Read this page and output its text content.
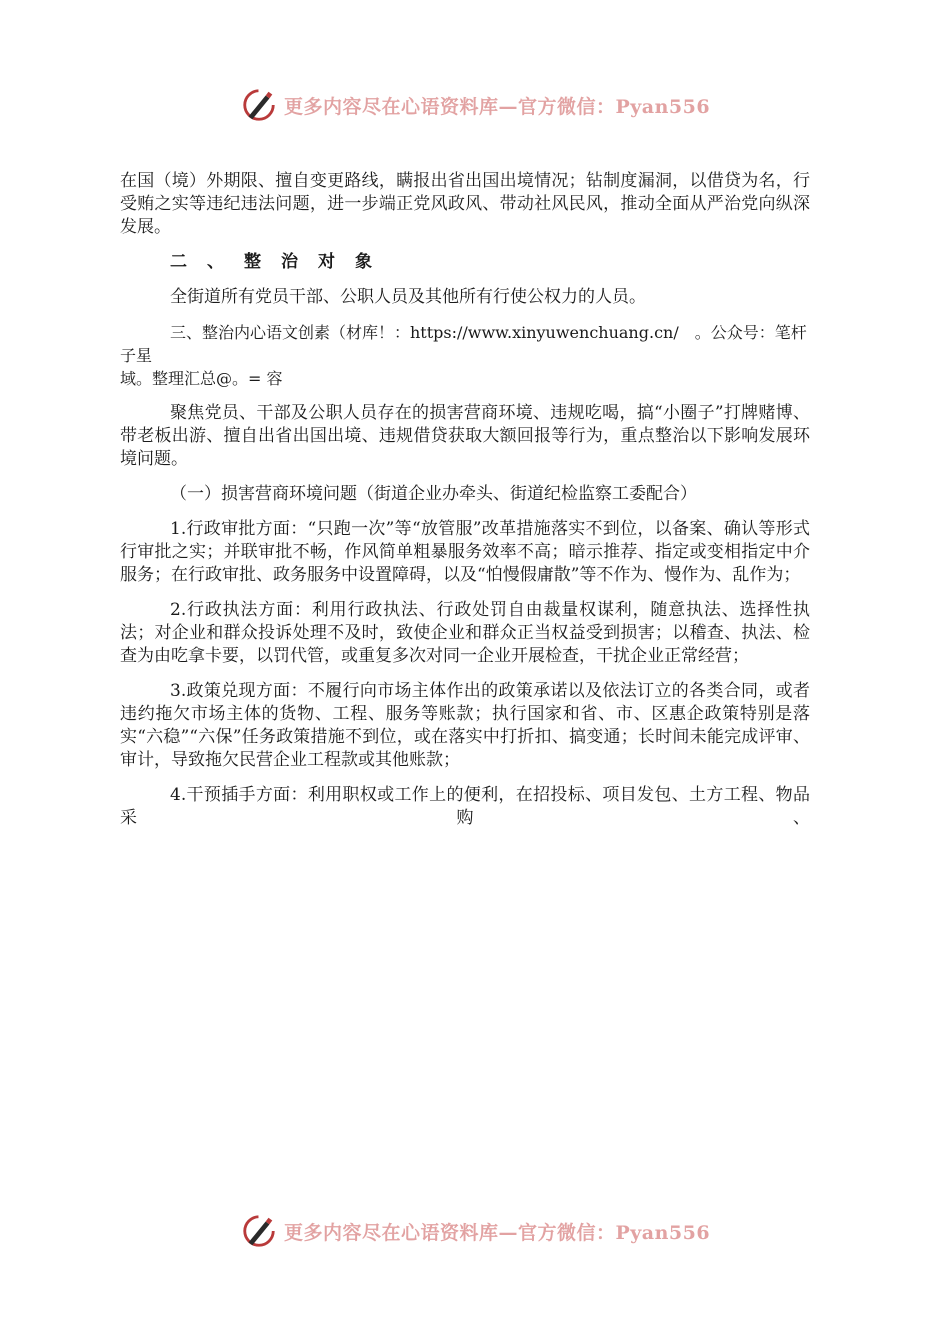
更多内容尽在心语资料库—官方微信：Pyan556

在国（境）外期限、擅自变更路线，瞒报出省出国出境情况；钻制度漏洞，以借贷为名，行受贿之实等违纪违法问题，进一步端正党风政风、带动社风民风，推动全面从严治党向纵深发展。

二、整治对象

全街道所有党员干部、公职人员及其他所有行使公权力的人员。

三、整治内心语文创素（材库！：https://www.xinyuwenchuang.cn/　。公众号：笔杆子星
域。整理汇总@。= 容

聚焦党员、干部及公职人员存在的损害营商环境、违规吃喝，搞“小圈子”打牌赌博、带老板出游、擅自出省出国出境、违规借贷获取大额回报等行为，重点整治以下影响发展环境问题。

（一）损害营商环境问题（街道企业办牵头、街道纪检监察工委配合）

1.行政审批方面：“只跑一次”等“放管服”改革措施落实不到位，以备案、确认等形式行审批之实；并联审批不畅，作风简单粗暴服务效率不高；暗示推荐、指定或变相指定中介服务；在行政审批、政务服务中设置障碍，以及“怕慢假庸散”等不作为、慢作为、乱作为；

2.行政执法方面：利用行政执法、行政处罚自由裁量权谋利，随意执法、选择性执法；对企业和群众投诉处理不及时，致使企业和群众正当权益受到损害；以稽查、执法、检查为由吃拿卡要，以罚代管，或重复多次对同一企业开展检查，干扰企业正常经营；

3.政策兑现方面：不履行向市场主体作出的政策承诺以及依法订立的各类合同，或者违约拖欠市场主体的货物、工程、服务等账款；执行国家和省、市、区惠企政策特别是落实“六稳”“六保”任务政策措施不到位，或在落实中打折扣、搞变通；长时间未能完成评审、审计，导致拖欠民营企业工程款或其他账款；

4.干预插手方面：利用职权或工作上的便利，在招投标、项目发包、土方工程、物品采购、

更多内容尽在心语资料库—官方微信：Pyan556
